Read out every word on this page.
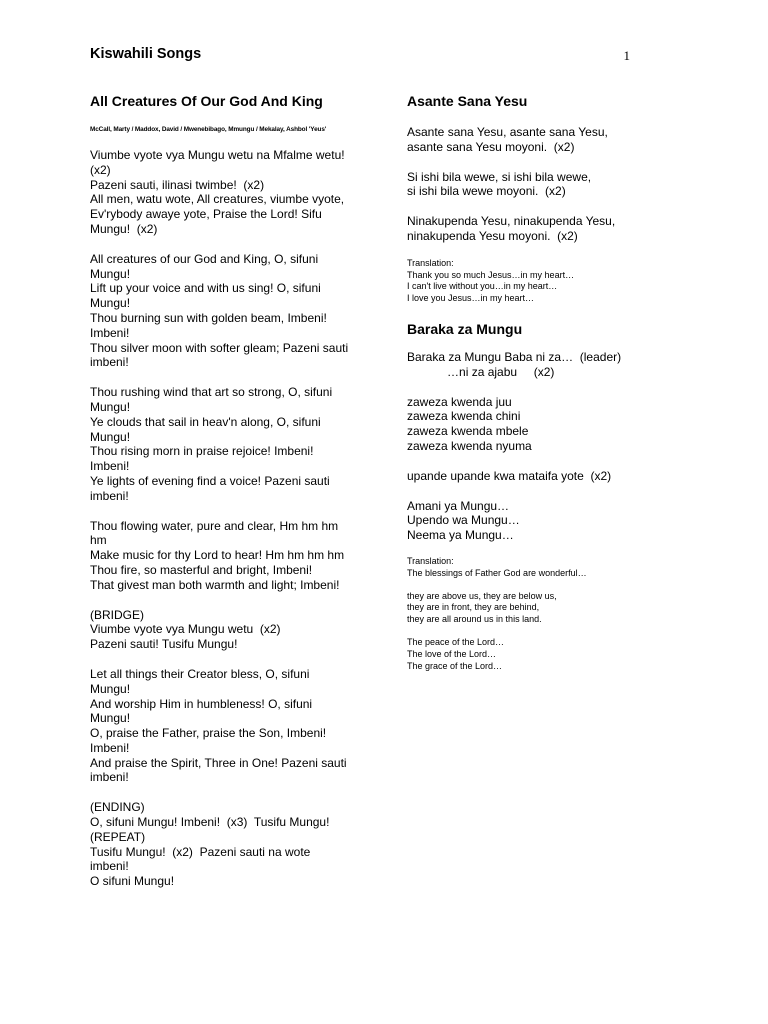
Kiswahili Songs	1
All Creatures Of Our God And King
McCall, Marty / Maddox, David / Mwenebibago, Mmungu / Mekalay, Ashbol 'Yeus'

Viumbe vyote vya Mungu wetu na Mfalme wetu!
(x2)
Pazeni sauti, ilinasi twimbe!  (x2)
All men, watu wote, All creatures, viumbe vyote,
Ev'rybody awaye yote, Praise the Lord! Sifu
Mungu!  (x2)

All creatures of our God and King, O, sifuni
Mungu!
Lift up your voice and with us sing! O, sifuni
Mungu!
Thou burning sun with golden beam, Imbeni!
Imbeni!
Thou silver moon with softer gleam; Pazeni sauti
imbeni!

Thou rushing wind that art so strong, O, sifuni
Mungu!
Ye clouds that sail in heav'n along, O, sifuni
Mungu!
Thou rising morn in praise rejoice! Imbeni!
Imbeni!
Ye lights of evening find a voice! Pazeni sauti
imbeni!

Thou flowing water, pure and clear, Hm hm hm
hm
Make music for thy Lord to hear! Hm hm hm hm
Thou fire, so masterful and bright, Imbeni!
That givest man both warmth and light; Imbeni!

(BRIDGE)
Viumbe vyote vya Mungu wetu  (x2)
Pazeni sauti! Tusifu Mungu!

Let all things their Creator bless, O, sifuni
Mungu!
And worship Him in humbleness! O, sifuni
Mungu!
O, praise the Father, praise the Son, Imbeni!
Imbeni!
And praise the Spirit, Three in One! Pazeni sauti
imbeni!

(ENDING)
O, sifuni Mungu! Imbeni!  (x3)  Tusifu Mungu!
(REPEAT)
Tusifu Mungu!  (x2)  Pazeni sauti na wote
imbeni!
O sifuni Mungu!

Asante Sana Yesu

Asante sana Yesu, asante sana Yesu,
asante sana Yesu moyoni.  (x2)

Si ishi bila wewe, si ishi bila wewe,
si ishi bila wewe moyoni.  (x2)

Ninakupenda Yesu, ninakupenda Yesu,
ninakupenda Yesu moyoni.  (x2)

Translation:
Thank you so much Jesus…in my heart…
I can't live without you…in my heart…
I love you Jesus…in my heart…
Baraka za Mungu

Baraka za Mungu Baba ni za…  (leader)
…ni za ajabu     (x2)

zaweza kwenda juu
zaweza kwenda chini
zaweza kwenda mbele
zaweza kwenda nyuma

upande upande kwa mataifa yote  (x2)

Amani ya Mungu…
Upendo wa Mungu…
Neema ya Mungu…

Translation:
The blessings of Father God are wonderful…

they are above us, they are below us,
they are in front, they are behind,
they are all around us in this land.

The peace of the Lord…
The love of the Lord…
The grace of the Lord…
